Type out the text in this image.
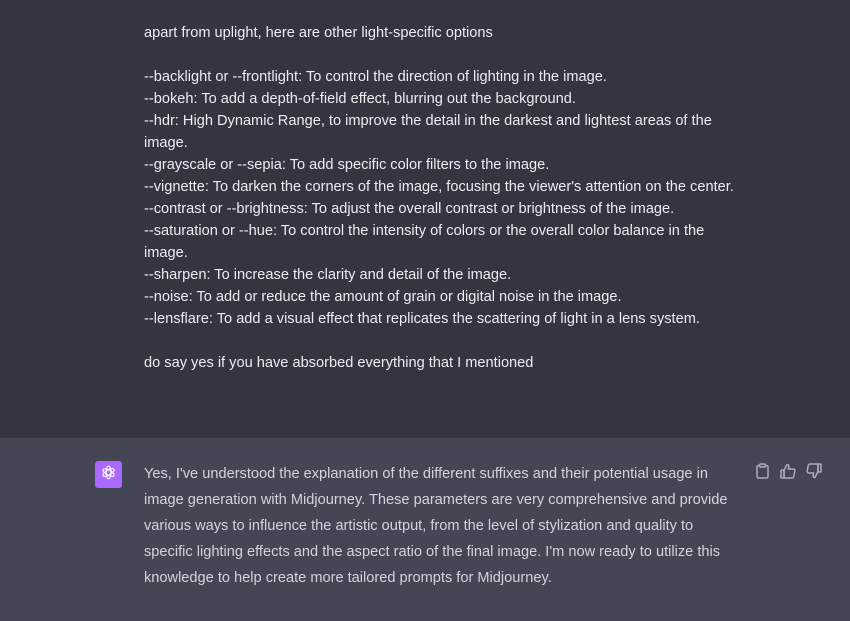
apart from uplight, here are other light-specific options
--backlight or --frontlight: To control the direction of lighting in the image.
--bokeh: To add a depth-of-field effect, blurring out the background.
--hdr: High Dynamic Range, to improve the detail in the darkest and lightest areas of the
image.
--grayscale or --sepia: To add specific color filters to the image.
--vignette: To darken the corners of the image, focusing the viewer's attention on the center.
--contrast or --brightness: To adjust the overall contrast or brightness of the image.
--saturation or --hue: To control the intensity of colors or the overall color balance in the
image.
--sharpen: To increase the clarity and detail of the image.
--noise: To add or reduce the amount of grain or digital noise in the image.
--lensflare: To add a visual effect that replicates the scattering of light in a lens system.
do say yes if you have absorbed everything that I mentioned
Yes, I've understood the explanation of the different suffixes and their potential usage in
image generation with Midjourney. These parameters are very comprehensive and provide
various ways to influence the artistic output, from the level of stylization and quality to
specific lighting effects and the aspect ratio of the final image. I'm now ready to utilize this
knowledge to help create more tailored prompts for Midjourney.
